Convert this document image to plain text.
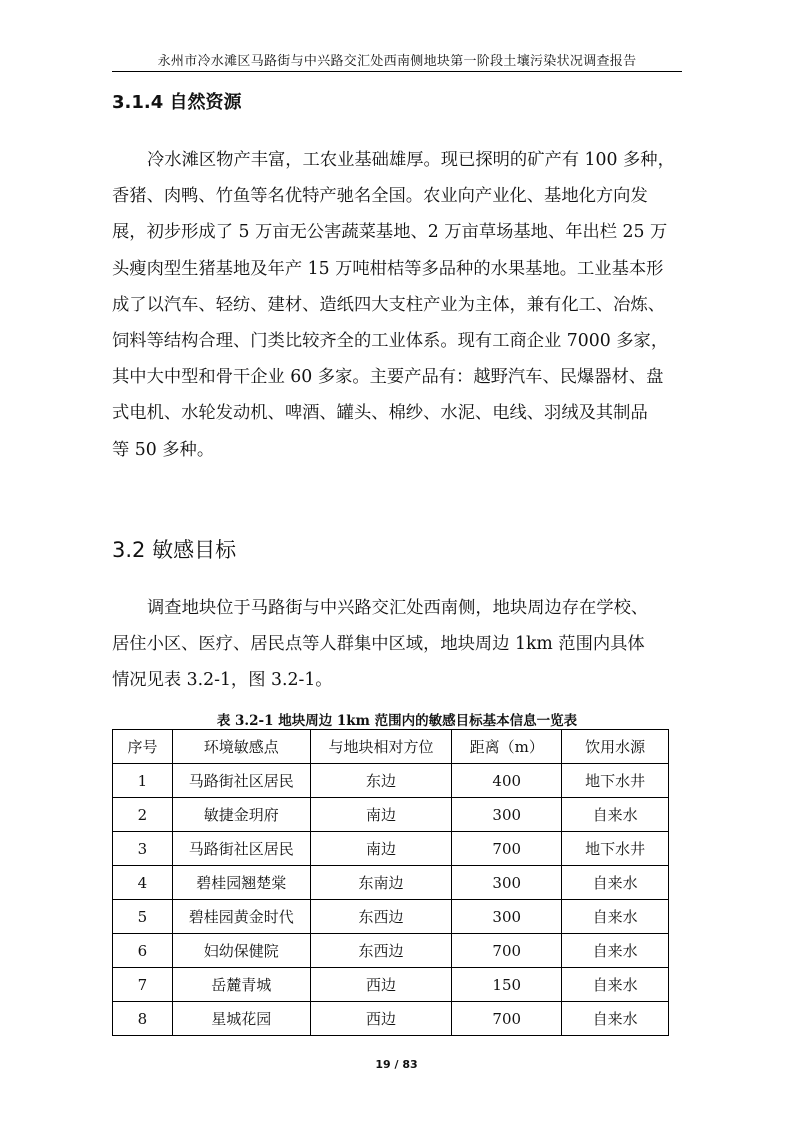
永州市冷水滩区马路街与中兴路交汇处西南侧地块第一阶段土壤污染状况调查报告
3.1.4 自然资源
冷水滩区物产丰富，工农业基础雄厚。现已探明的矿产有 100 多种，
香猪、肉鸭、竹鱼等名优特产驰名全国。农业向产业化、基地化方向发
展，初步形成了 5 万亩无公害蔬菜基地、2 万亩草场基地、年出栏 25 万
头瘦肉型生猪基地及年产 15 万吨柑桔等多品种的水果基地。工业基本形
成了以汽车、轻纺、建材、造纸四大支柱产业为主体，兼有化工、冶炼、
饲料等结构合理、门类比较齐全的工业体系。现有工商企业 7000 多家，
其中大中型和骨干企业 60 多家。主要产品有：越野汽车、民爆器材、盘
式电机、水轮发动机、啤酒、罐头、棉纱、水泥、电线、羽绒及其制品
等 50 多种。
3.2 敏感目标
调查地块位于马路街与中兴路交汇处西南侧，地块周边存在学校、
居住小区、医疗、居民点等人群集中区域，地块周边 1km 范围内具体
情况见表 3.2-1，图 3.2-1。
表 3.2-1 地块周边 1km 范围内的敏感目标基本信息一览表
序号	环境敏感点	与地块相对方位	距离（m）	饮用水源
1	马路街社区居民	东边	400	地下水井
2	敏捷金玥府	南边	300	自来水
3	马路街社区居民	南边	700	地下水井
4	碧桂园翘楚棠	东南边	300	自来水
5	碧桂园黄金时代	东西边	300	自来水
6	妇幼保健院	东西边	700	自来水
7	岳麓青城	西边	150	自来水
8	星城花园	西边	700	自来水
19 / 83
